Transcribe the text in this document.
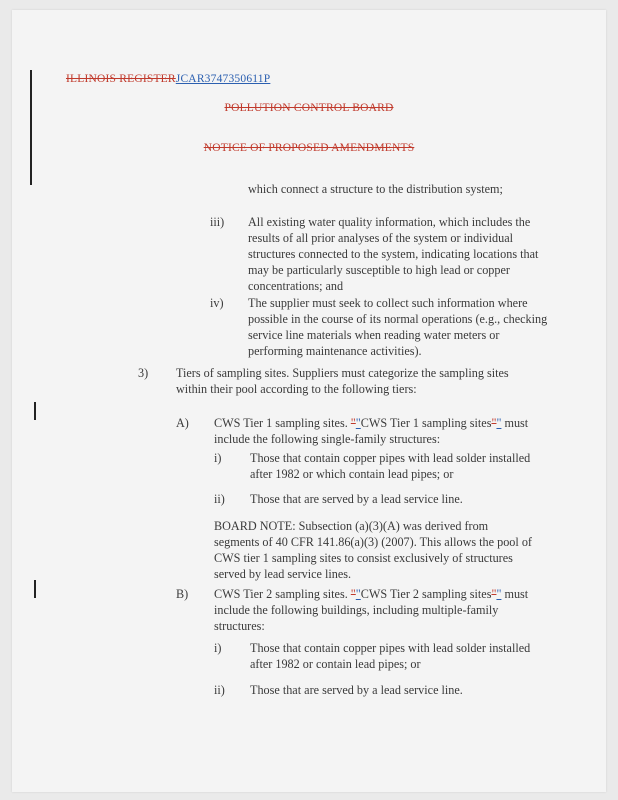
ILLINOIS REGISTERJCAR3747350611P
POLLUTION CONTROL BOARD
NOTICE OF PROPOSED AMENDMENTS
which connect a structure to the distribution system;
iii) All existing water quality information, which includes the results of all prior analyses of the system or individual structures connected to the system, indicating locations that may be particularly susceptible to high lead or copper concentrations; and
iv) The supplier must seek to collect such information where possible in the course of its normal operations (e.g., checking service line materials when reading water meters or performing maintenance activities).
3) Tiers of sampling sites. Suppliers must categorize the sampling sites within their pool according to the following tiers:
A) CWS Tier 1 sampling sites. ""CWS Tier 1 sampling sites"" must include the following single-family structures:
i) Those that contain copper pipes with lead solder installed after 1982 or which contain lead pipes; or
ii) Those that are served by a lead service line.
BOARD NOTE: Subsection (a)(3)(A) was derived from segments of 40 CFR 141.86(a)(3) (2007). This allows the pool of CWS tier 1 sampling sites to consist exclusively of structures served by lead service lines.
B) CWS Tier 2 sampling sites. ""CWS Tier 2 sampling sites"" must include the following buildings, including multiple-family structures:
i) Those that contain copper pipes with lead solder installed after 1982 or contain lead pipes; or
ii) Those that are served by a lead service line.
